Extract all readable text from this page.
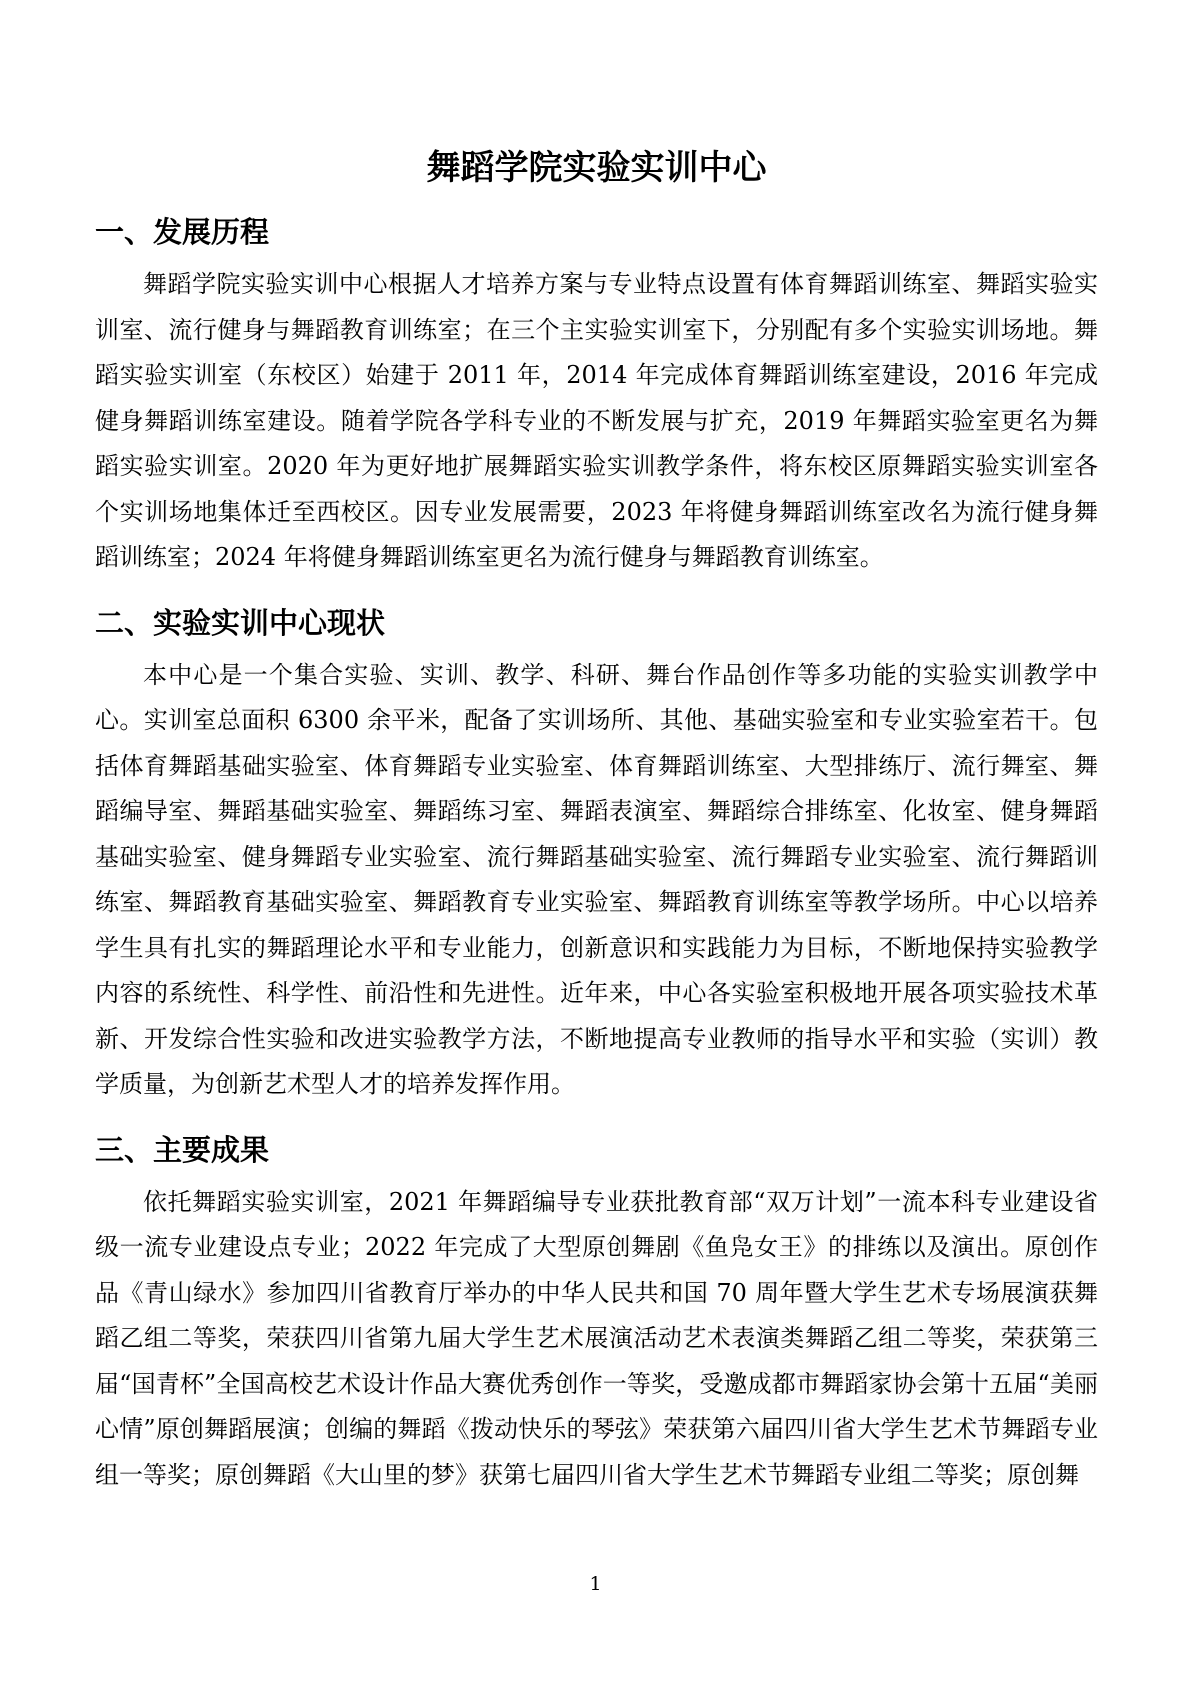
舞蹈学院实验实训中心
一、发展历程

舞蹈学院实验实训中心根据人才培养方案与专业特点设置有体育舞蹈训练室、舞蹈实验实训室、流行健身与舞蹈教育训练室；在三个主实验实训室下，分别配有多个实验实训场地。舞蹈实验实训室（东校区）始建于 2011 年，2014 年完成体育舞蹈训练室建设，2016 年完成健身舞蹈训练室建设。随着学院各学科专业的不断发展与扩充，2019 年舞蹈实验室更名为舞蹈实验实训室。2020 年为更好地扩展舞蹈实验实训教学条件，将东校区原舞蹈实验实训室各个实训场地集体迁至西校区。因专业发展需要，2023 年将健身舞蹈训练室改名为流行健身舞蹈训练室；2024 年将健身舞蹈训练室更名为流行健身与舞蹈教育训练室。

二、实验实训中心现状

本中心是一个集合实验、实训、教学、科研、舞台作品创作等多功能的实验实训教学中心。实训室总面积 6300 余平米，配备了实训场所、其他、基础实验室和专业实验室若干。包括体育舞蹈基础实验室、体育舞蹈专业实验室、体育舞蹈训练室、大型排练厅、流行舞室、舞蹈编导室、舞蹈基础实验室、舞蹈练习室、舞蹈表演室、舞蹈综合排练室、化妆室、健身舞蹈基础实验室、健身舞蹈专业实验室、流行舞蹈基础实验室、流行舞蹈专业实验室、流行舞蹈训练室、舞蹈教育基础实验室、舞蹈教育专业实验室、舞蹈教育训练室等教学场所。中心以培养学生具有扎实的舞蹈理论水平和专业能力，创新意识和实践能力为目标，不断地保持实验教学内容的系统性、科学性、前沿性和先进性。近年来，中心各实验室积极地开展各项实验技术革新、开发综合性实验和改进实验教学方法，不断地提高专业教师的指导水平和实验（实训）教学质量，为创新艺术型人才的培养发挥作用。

三、主要成果

依托舞蹈实验实训室，2021 年舞蹈编导专业获批教育部“双万计划”一流本科专业建设省级一流专业建设点专业；2022 年完成了大型原创舞剧《鱼凫女王》的排练以及演出。原创作品《青山绿水》参加四川省教育厅举办的中华人民共和国 70 周年暨大学生艺术专场展演获舞蹈乙组二等奖，荣获四川省第九届大学生艺术展演活动艺术表演类舞蹈乙组二等奖，荣获第三届“国青杯”全国高校艺术设计作品大赛优秀创作一等奖，受邀成都市舞蹈家协会第十五届“美丽心情”原创舞蹈展演；创编的舞蹈《拨动快乐的琴弦》荣获第六届四川省大学生艺术节舞蹈专业组一等奖；原创舞蹈《大山里的梦》获第七届四川省大学生艺术节舞蹈专业组二等奖；原创舞

1
